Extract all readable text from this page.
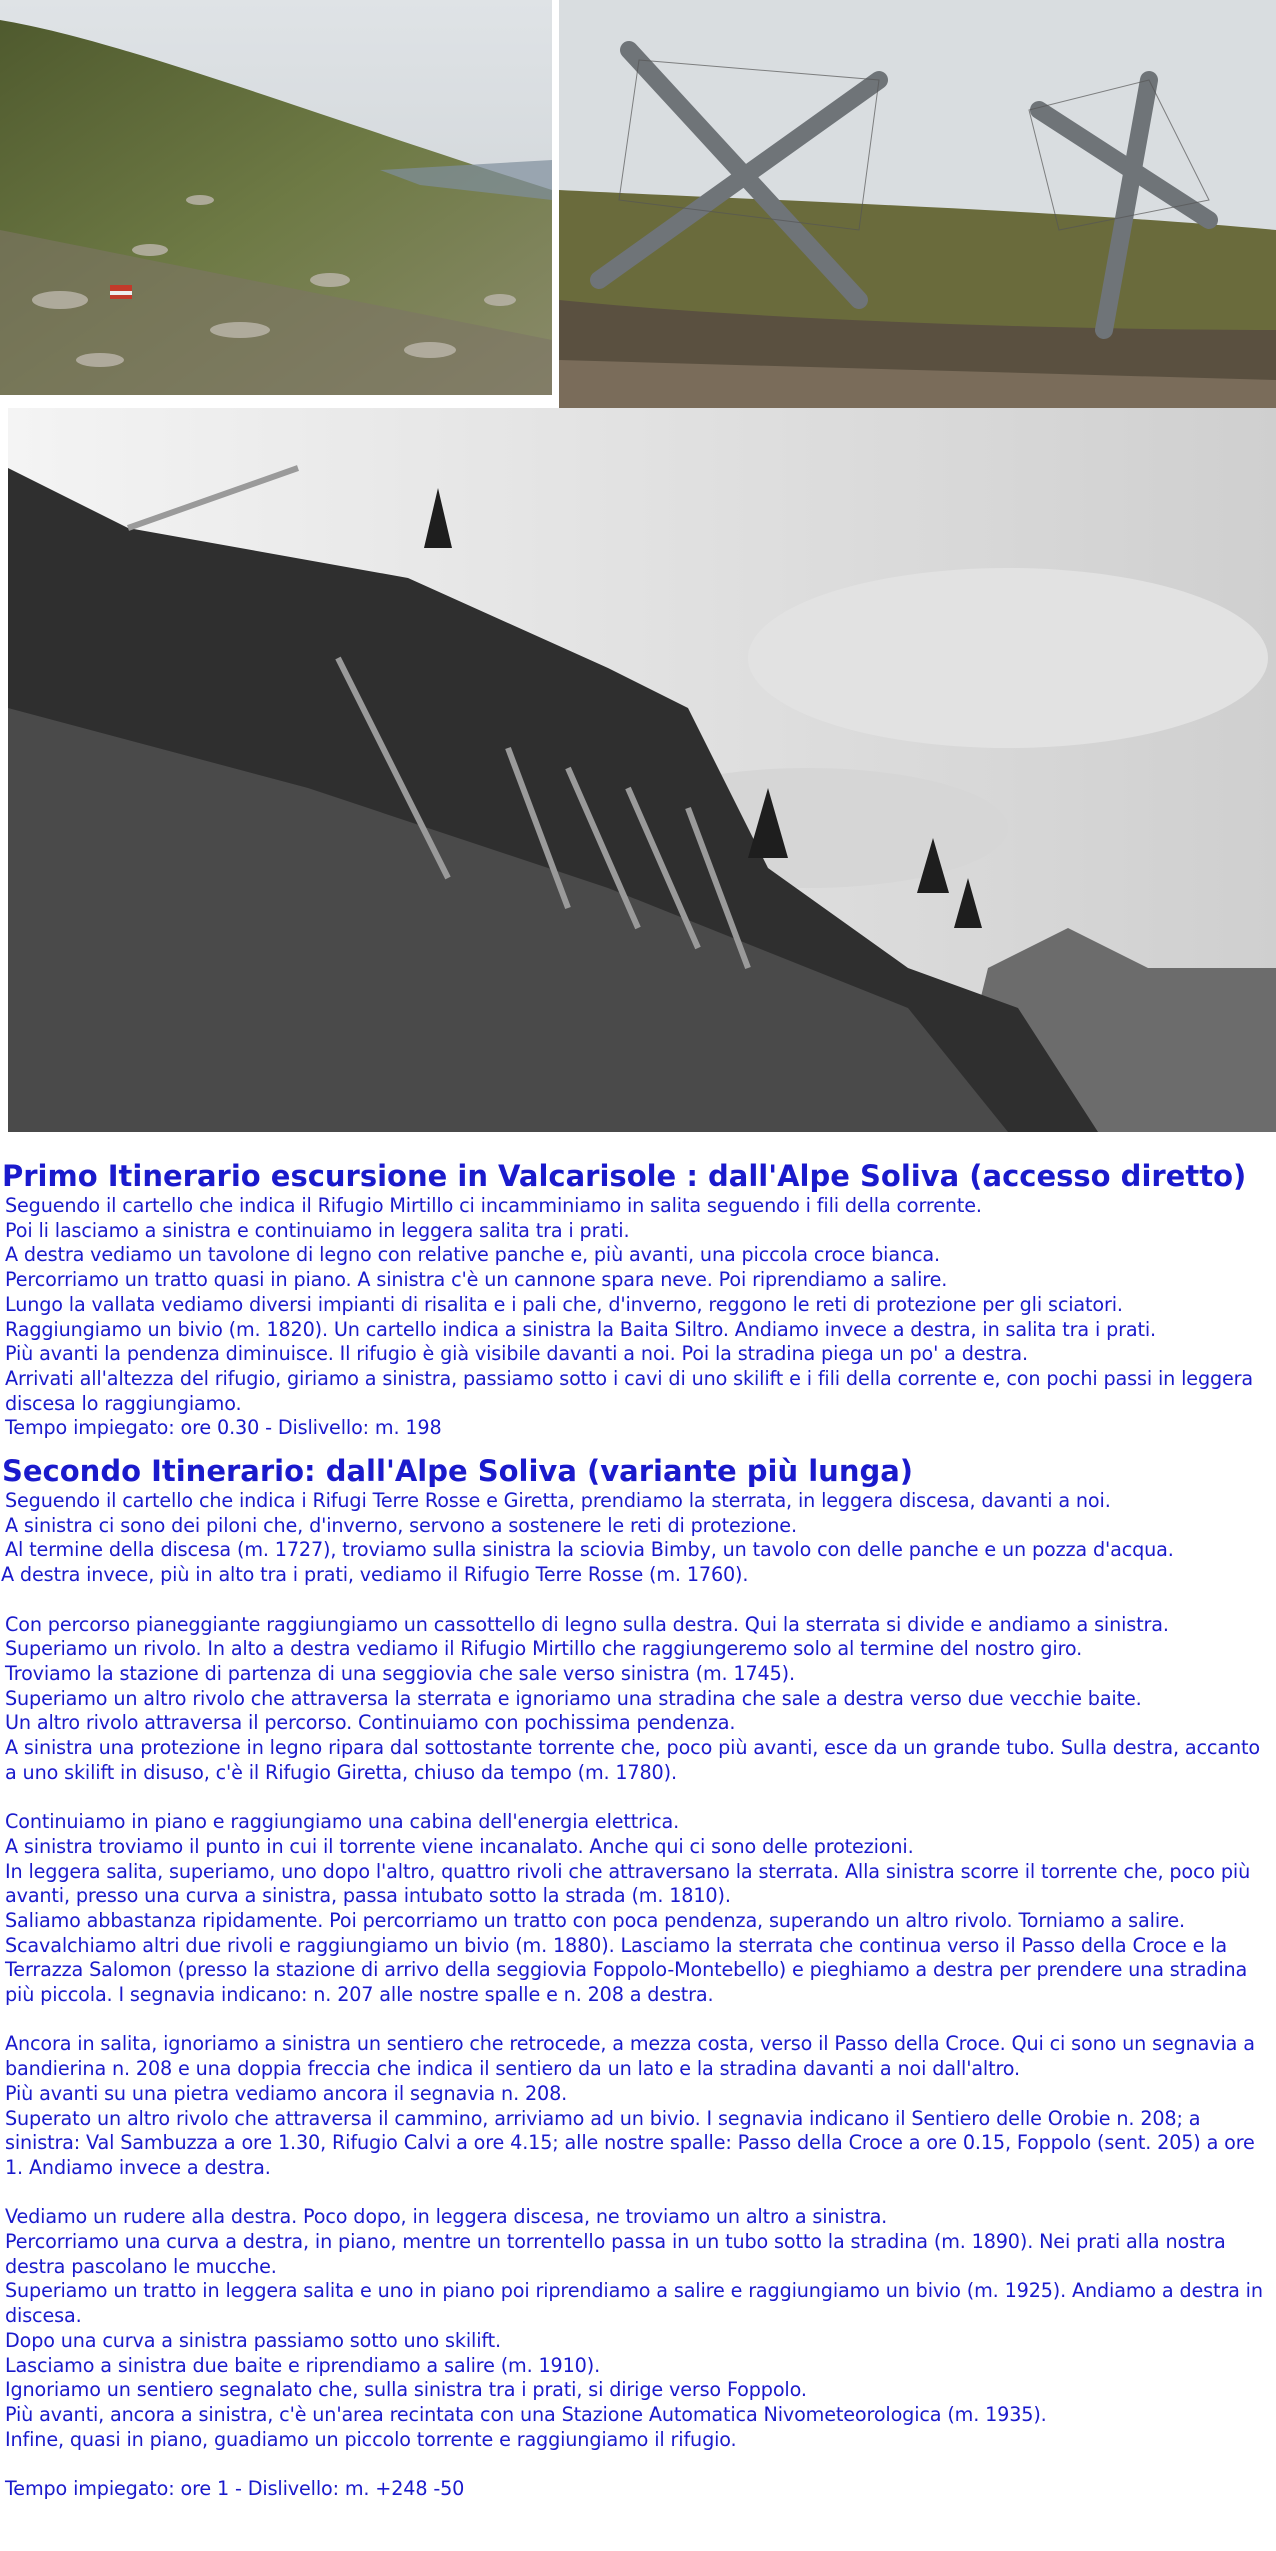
Primo Itinerario escursione in Valcarisole : dall'Alpe Soliva (accesso diretto)

Seguendo il cartello che indica il Rifugio Mirtillo ci incamminiamo in salita seguendo i fili della corrente.

Poi li lasciamo a sinistra e continuiamo in leggera salita tra i prati.

A destra vediamo un tavolone di legno con relative panche e, più avanti, una piccola croce bianca.

Percorriamo un tratto quasi in piano. A sinistra c'è un cannone spara neve. Poi riprendiamo a salire.

Lungo la vallata vediamo diversi impianti di risalita e i pali che, d'inverno, reggono le reti di protezione per gli sciatori.

Raggiungiamo un bivio (m. 1820). Un cartello indica a sinistra la Baita Siltro. Andiamo invece a destra, in salita tra i prati.

Più avanti la pendenza diminuisce. Il rifugio è già visibile davanti a noi. Poi la stradina piega un po' a destra.

Arrivati all'altezza del rifugio, giriamo a sinistra, passiamo sotto i cavi di uno skilift e i fili della corrente e, con pochi passi in leggera discesa lo raggiungiamo.

Tempo impiegato: ore 0.30 - Dislivello: m. 198

Secondo Itinerario: dall'Alpe Soliva (variante più lunga)

Seguendo il cartello che indica i Rifugi Terre Rosse e Giretta, prendiamo la sterrata, in leggera discesa, davanti a noi.

A sinistra ci sono dei piloni che, d'inverno, servono a sostenere le reti di protezione.

Al termine della discesa (m. 1727), troviamo sulla sinistra la sciovia Bimby, un tavolo con delle panche e un pozza d'acqua.

A destra invece, più in alto tra i prati, vediamo il Rifugio Terre Rosse (m. 1760).

Con percorso pianeggiante raggiungiamo un cassottello di legno sulla destra. Qui la sterrata si divide e andiamo a sinistra.

Superiamo un rivolo. In alto a destra vediamo il Rifugio Mirtillo che raggiungeremo solo al termine del nostro giro.

Troviamo la stazione di partenza di una seggiovia che sale verso sinistra (m. 1745).

Superiamo un altro rivolo che attraversa la sterrata e ignoriamo una stradina che sale a destra verso due vecchie baite.

Un altro rivolo attraversa il percorso. Continuiamo con pochissima pendenza.

A sinistra una protezione in legno ripara dal sottostante torrente che, poco più avanti, esce da un grande tubo. Sulla destra, accanto a uno skilift in disuso, c'è il Rifugio Giretta, chiuso da tempo (m. 1780).

Continuiamo in piano e raggiungiamo una cabina dell'energia elettrica.

A sinistra troviamo il punto in cui il torrente viene incanalato. Anche qui ci sono delle protezioni.

In leggera salita, superiamo, uno dopo l'altro, quattro rivoli che attraversano la sterrata. Alla sinistra scorre il torrente che, poco più avanti, presso una curva a sinistra, passa intubato sotto la strada (m. 1810).

Saliamo abbastanza ripidamente. Poi percorriamo un tratto con poca pendenza, superando un altro rivolo. Torniamo a salire.

Scavalchiamo altri due rivoli e raggiungiamo un bivio (m. 1880). Lasciamo la sterrata che continua verso il Passo della Croce e la Terrazza Salomon (presso la stazione di arrivo della seggiovia Foppolo-Montebello) e pieghiamo a destra per prendere una stradina più piccola. I segnavia indicano: n. 207 alle nostre spalle e n. 208 a destra.

Ancora in salita, ignoriamo a sinistra un sentiero che retrocede, a mezza costa, verso il Passo della Croce. Qui ci sono un segnavia a bandierina n. 208 e una doppia freccia che indica il sentiero da un lato e la stradina davanti a noi dall'altro.

Più avanti su una pietra vediamo ancora il segnavia n. 208.

Superato un altro rivolo che attraversa il cammino, arriviamo ad un bivio. I segnavia indicano il Sentiero delle Orobie n. 208; a sinistra: Val Sambuzza a ore 1.30, Rifugio Calvi a ore 4.15; alle nostre spalle: Passo della Croce a ore 0.15, Foppolo (sent. 205) a ore 1. Andiamo invece a destra.

Vediamo un rudere alla destra. Poco dopo, in leggera discesa, ne troviamo un altro a sinistra.

Percorriamo una curva a destra, in piano, mentre un torrentello passa in un tubo sotto la stradina (m. 1890). Nei prati alla nostra destra pascolano le mucche.

Superiamo un tratto in leggera salita e uno in piano poi riprendiamo a salire e raggiungiamo un bivio (m. 1925). Andiamo a destra in discesa.

Dopo una curva a sinistra passiamo sotto uno skilift.

Lasciamo a sinistra due baite e riprendiamo a salire (m. 1910).

Ignoriamo un sentiero segnalato che, sulla sinistra tra i prati, si dirige verso Foppolo.

Più avanti, ancora a sinistra, c'è un'area recintata con una Stazione Automatica Nivometeorologica (m. 1935).

Infine, quasi in piano, guadiamo un piccolo torrente e raggiungiamo il rifugio.

Tempo impiegato: ore 1 - Dislivello: m. +248 -50
